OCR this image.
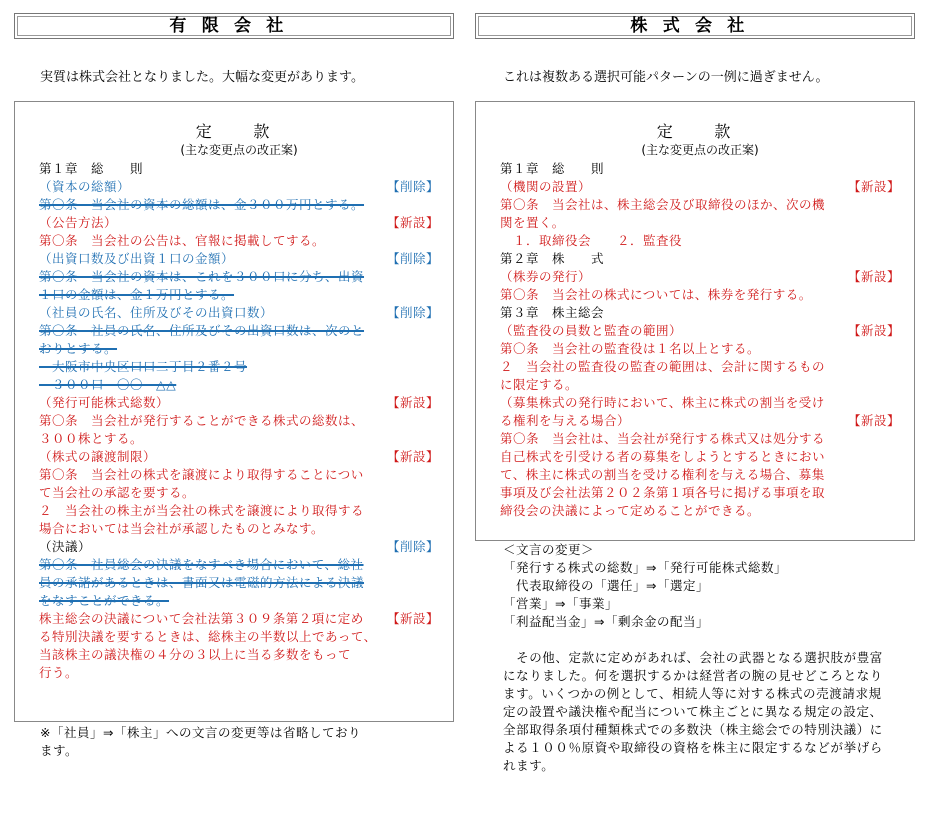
有限会社	株式会社
実質は株式会社となりました。大幅な変更があります。	これは複数ある選択可能パターンの一例に過ぎません。
定　款
(主な変更点の改正案)
第１章　総　　則
（資本の総額）	【削除】
第〇条　当会社の資本の総額は、金３００万円とする。
（公告方法）	【新設】
第〇条　当会社の公告は、官報に掲載してする。
（出資口数及び出資１口の金額）	【削除】
第〇条　当会社の資本は、これを３００口に分ち、出資
１口の金額は、金１万円とする。
（社員の氏名、住所及びその出資口数）	【削除】
第〇条　社員の氏名、住所及びその出資口数は、次のと
おりとする。
　大阪市中央区口口二丁目２番２号
　３００口　〇〇　△△
（発行可能株式総数）	【新設】
第〇条　当会社が発行することができる株式の総数は、
３００株とする。
（株式の譲渡制限）	【新設】
第〇条　当会社の株式を譲渡により取得することについ
て当会社の承認を要する。
２　当会社の株主が当会社の株式を譲渡により取得する
場合においては当会社が承認したものとみなす。
（決議）	【削除】
第〇条　社員総会の決議をなすべき場合において、総社
員の承諾があるときは、書面又は電磁的方法による決議
をなすことができる。
【新設】
株主総会の決議について会社法第３０９条第２項に定め
る特別決議を要するときは、総株主の半数以上であって、
当該株主の議決権の４分の３以上に当る多数をもって
行う。
※「社員」⇒「株主」への文言の変更等は省略しており
ます。
定　款
(主な変更点の改正案)
第１章　総　　則
（機関の設置）	【新設】
第〇条　当会社は、株主総会及び取締役のほか、次の機
関を置く。
　１．取締役会　　２．監査役
第２章　株　　式
（株券の発行）	【新設】
第〇条　当会社の株式については、株券を発行する。
第３章　株主総会
（監査役の員数と監査の範囲）	【新設】
第〇条　当会社の監査役は１名以上とする。
２　当会社の監査役の監査の範囲は、会計に関するもの
に限定する。
（募集株式の発行時において、株主に株式の割当を受け
る権利を与える場合）	【新設】
第〇条　当会社は、当会社が発行する株式又は処分する
自己株式を引受ける者の募集をしようとするときにおい
て、株主に株式の割当を受ける権利を与える場合、募集
事項及び会社法第２０２条第１項各号に掲げる事項を取
締役会の決議によって定めることができる。
＜文言の変更＞
「発行する株式の総数」⇒「発行可能株式総数」
　代表取締役の「選任」⇒「選定」
「営業」⇒「事業」
「利益配当金」⇒「剰余金の配当」
　その他、定款に定めがあれば、会社の武器となる選択肢が豊富になりました。何を選択するかは経営者の腕の見せどころとなります。いくつかの例として、相続人等に対する株式の売渡請求規定の設置や議決権や配当について株主ごとに異なる規定の設定、全部取得条項付種類株式での多数決（株主総会での特別決議）による１００％原資や取締役の資格を株主に限定するなどが挙げられます。
